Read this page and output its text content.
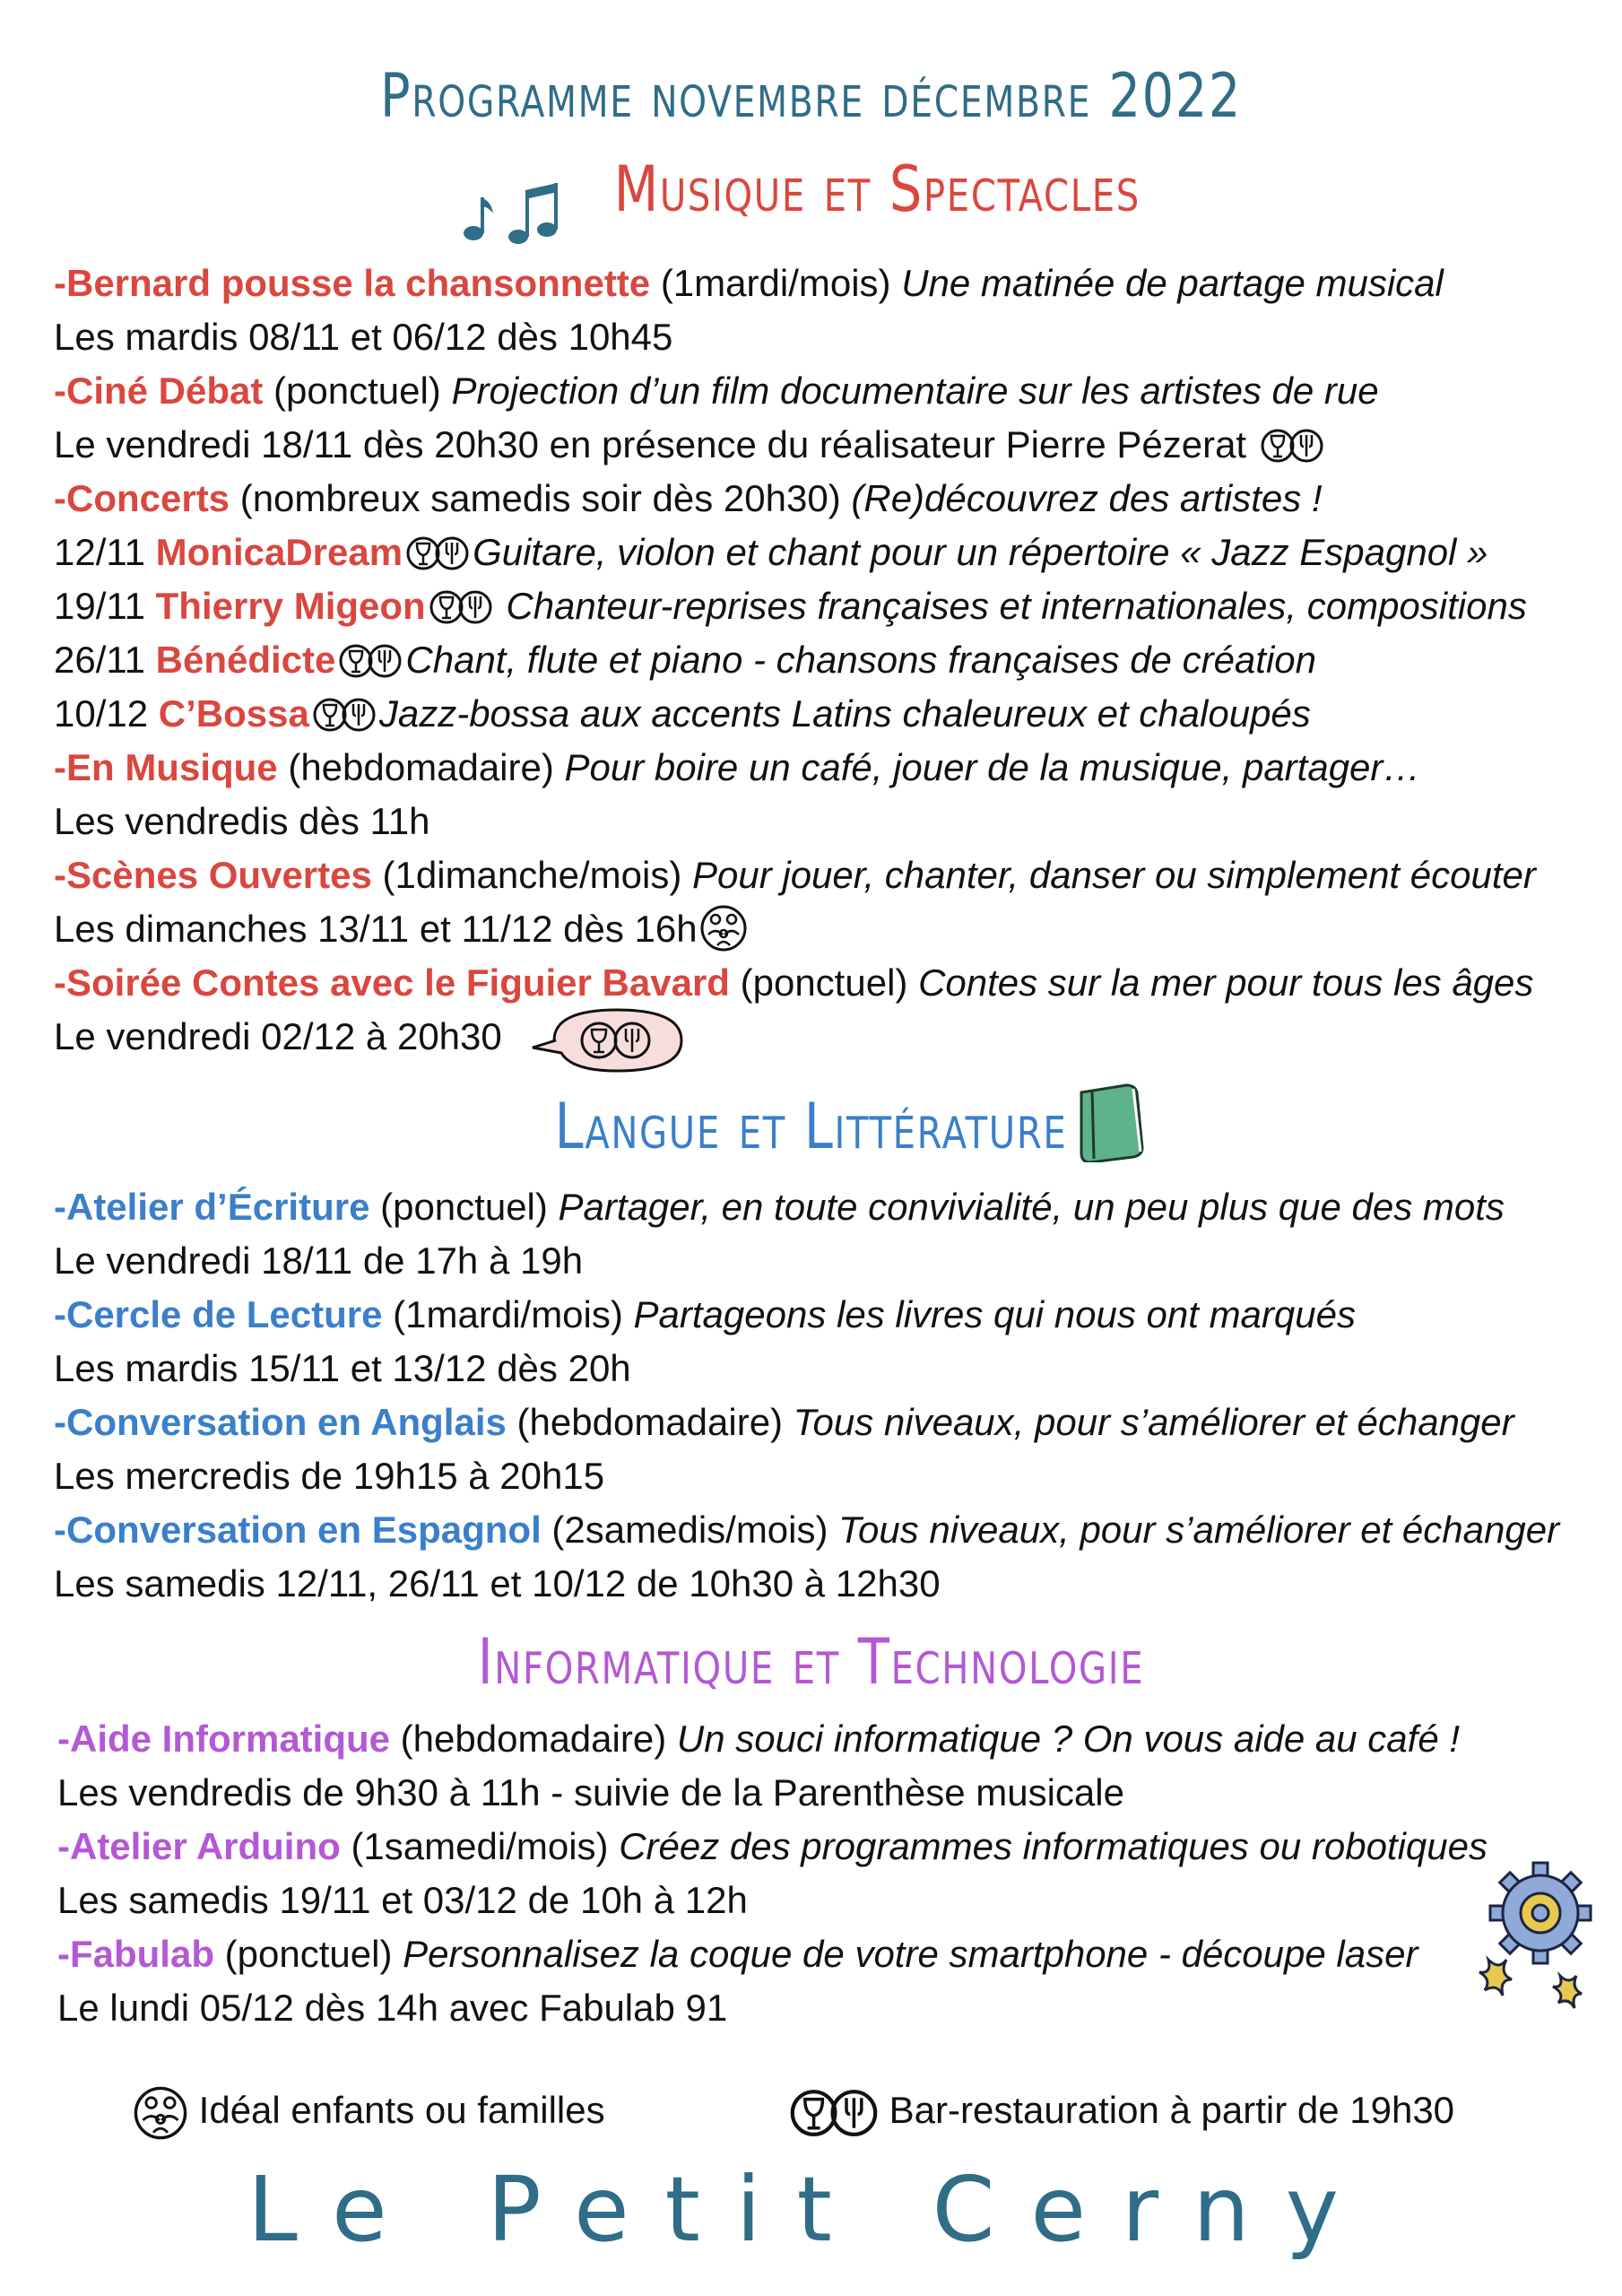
Programme novembre décembre 2022
Musique et Spectacles
-Bernard pousse la chansonnette (1mardi/mois) Une matinée de partage musical
Les mardis 08/11 et 06/12 dès 10h45
-Ciné Débat (ponctuel) Projection d’un film documentaire sur les artistes de rue
Le vendredi 18/11 dès 20h30 en présence du réalisateur Pierre Pézerat
-Concerts (nombreux samedis soir dès 20h30) (Re)découvrez des artistes !
12/11 MonicaDream Guitare, violon et chant pour un répertoire « Jazz Espagnol »
19/11 Thierry Migeon Chanteur-reprises françaises et internationales, compositions
26/11 Bénédicte Chant, flute et piano - chansons françaises de création
10/12 C’Bossa Jazz-bossa aux accents Latins chaleureux et chaloupés
-En Musique (hebdomadaire) Pour boire un café, jouer de la musique, partager…
Les vendredis dès 11h
-Scènes Ouvertes (1dimanche/mois) Pour jouer, chanter, danser ou simplement écouter
Les dimanches 13/11 et 11/12 dès 16h
-Soirée Contes avec le Figuier Bavard (ponctuel) Contes sur la mer pour tous les âges
Le vendredi 02/12 à 20h30
Langue et Littérature
-Atelier d’Écriture (ponctuel) Partager, en toute convivialité, un peu plus que des mots
Le vendredi 18/11 de 17h à 19h
-Cercle de Lecture (1mardi/mois) Partageons les livres qui nous ont marqués
Les mardis 15/11 et 13/12 dès 20h
-Conversation en Anglais (hebdomadaire) Tous niveaux, pour s’améliorer et échanger
Les mercredis de 19h15 à 20h15
-Conversation en Espagnol (2samedis/mois) Tous niveaux, pour s’améliorer et échanger
Les samedis 12/11, 26/11 et 10/12 de 10h30 à 12h30
Informatique et Technologie
-Aide Informatique (hebdomadaire) Un souci informatique ? On vous aide au café !
Les vendredis de 9h30 à 11h - suivie de la Parenthèse musicale
-Atelier Arduino (1samedi/mois) Créez des programmes informatiques ou robotiques
Les samedis 19/11 et 03/12 de 10h à 12h
-Fabulab (ponctuel) Personnalisez la coque de votre smartphone - découpe laser
Le lundi 05/12 dès 14h avec Fabulab 91
Idéal enfants ou familles	Bar-restauration à partir de 19h30
Le Petit Cerny
